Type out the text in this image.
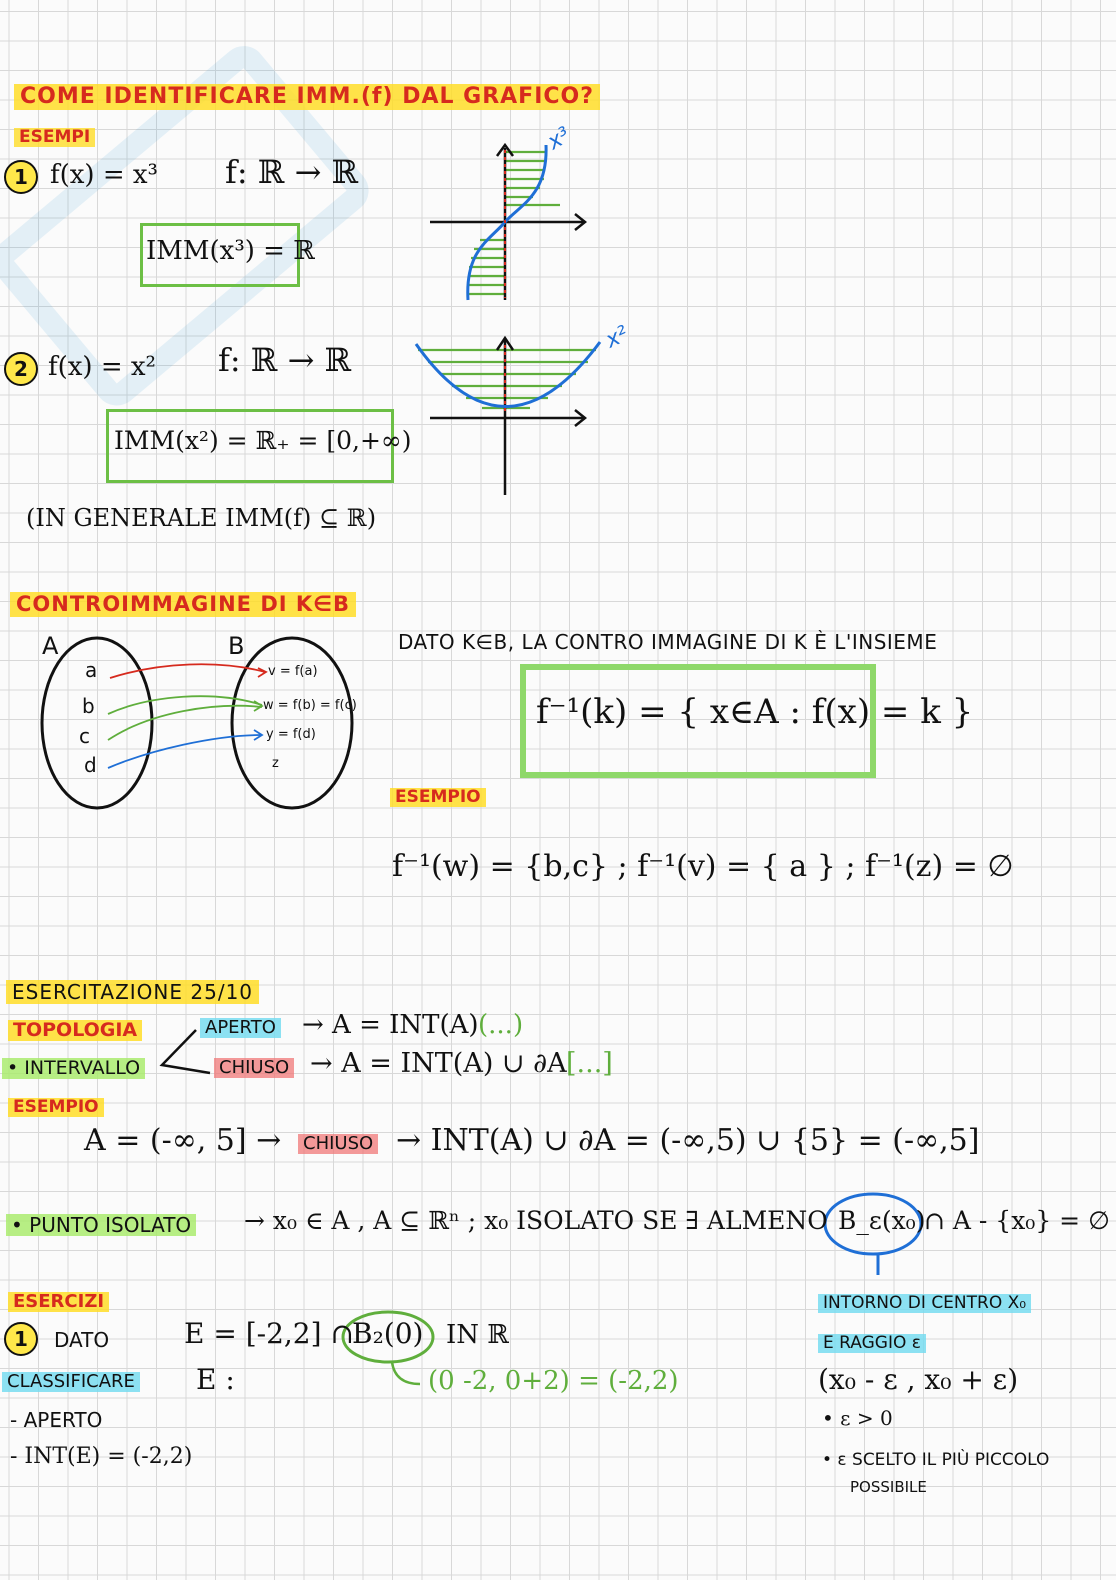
COME IDENTIFICARE IMM.(f) DAL GRAFICO?
ESEMPI
1 f(x) = x³ f: ℝ → ℝ
IMM(x³) = ℝ
2 f(x) = x² f: ℝ → ℝ
IMM(x²) = ℝ₊ = [0,+∞)
(IN GENERALE IMM(f) ⊆ ℝ)
x³
x²
CONTROIMMAGINE DI K∈B
A	B
a
b
c
d
v = f(a)
w = f(b) = f(c)
y = f(d)
z
DATO K∈B, LA CONTRO IMMAGINE DI K È L'INSIEME
f⁻¹(k) = { x∈A : f(x) = k }
ESEMPIO
f⁻¹(w) = {b,c} ; f⁻¹(v) = { a } ; f⁻¹(z) = ∅
ESERCITAZIONE 25/10
TOPOLOGIA
• INTERVALLO
APERTO → A = INT(A) (...)
CHIUSO → A = INT(A) ∪ ∂A [...]
ESEMPIO
A = (-∞, 5] → CHIUSO → INT(A) ∪ ∂A = (-∞,5) ∪ {5} = (-∞,5]
• PUNTO ISOLATO → x₀ ∈ A , A ⊆ ℝⁿ ; x₀ ISOLATO SE ∃ ALMENO B_ε(x₀)
∩ A - {x₀} = ∅
ESERCIZI
1	DATO	E = [-2,2] ∩
B₂(0) IN ℝ
(0 -2, 0+2) = (-2,2)
CLASSIFICARE E :
- APERTO
- INT(E) = (-2,2)
INTORNO DI CENTRO X₀
E RAGGIO ε
(x₀ - ε , x₀ + ε)
• ε > 0
• ε SCELTO IL PIÙ PICCOLO
POSSIBILE
